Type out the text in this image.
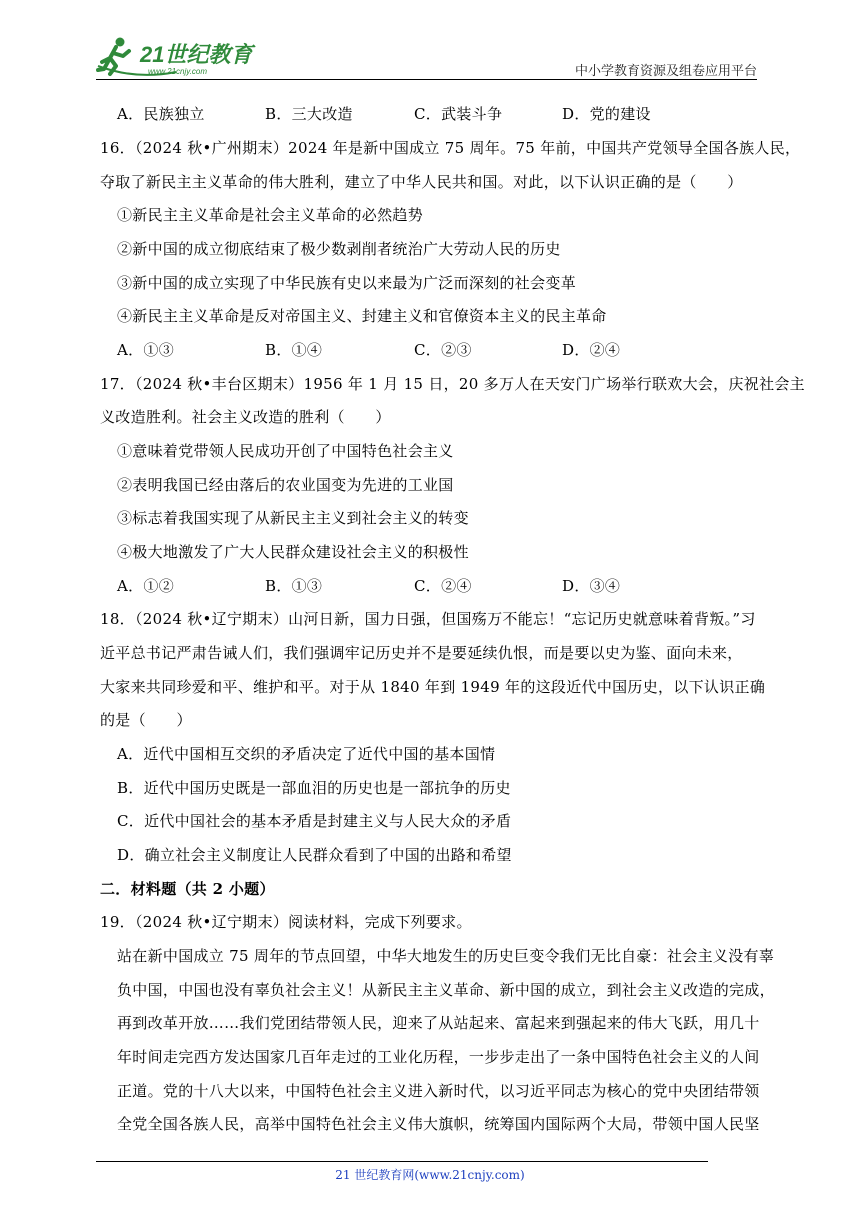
21世纪教育
www.21cnjy.com	中小学教育资源及组卷应用平台
A．民族独立	B．三大改造	C．武装斗争	D．党的建设
16．（2024 秋•广州期末）2024 年是新中国成立 75 周年。75 年前，中国共产党领导全国各族人民，
夺取了新民主主义革命的伟大胜利，建立了中华人民共和国。对此，以下认识正确的是（　　）
①新民主主义革命是社会主义革命的必然趋势
②新中国的成立彻底结束了极少数剥削者统治广大劳动人民的历史
③新中国的成立实现了中华民族有史以来最为广泛而深刻的社会变革
④新民主主义革命是反对帝国主义、封建主义和官僚资本主义的民主革命
A．①③	B．①④	C．②③	D．②④
17．（2024 秋•丰台区期末）1956 年 1 月 15 日，20 多万人在天安门广场举行联欢大会，庆祝社会主
义改造胜利。社会主义改造的胜利（　　）
①意味着党带领人民成功开创了中国特色社会主义
②表明我国已经由落后的农业国变为先进的工业国
③标志着我国实现了从新民主主义到社会主义的转变
④极大地激发了广大人民群众建设社会主义的积极性
A．①②	B．①③	C．②④	D．③④
18．（2024 秋•辽宁期末）山河日新，国力日强，但国殇万不能忘！“忘记历史就意味着背叛。”习
近平总书记严肃告诫人们，我们强调牢记历史并不是要延续仇恨，而是要以史为鉴、面向未来，
大家来共同珍爱和平、维护和平。对于从 1840 年到 1949 年的这段近代中国历史，以下认识正确
的是（　　）
A．近代中国相互交织的矛盾决定了近代中国的基本国情
B．近代中国历史既是一部血泪的历史也是一部抗争的历史
C．近代中国社会的基本矛盾是封建主义与人民大众的矛盾
D．确立社会主义制度让人民群众看到了中国的出路和希望
二．材料题（共 2 小题）
19．（2024 秋•辽宁期末）阅读材料，完成下列要求。
站在新中国成立 75 周年的节点回望，中华大地发生的历史巨变令我们无比自豪：社会主义没有辜
负中国，中国也没有辜负社会主义！从新民主主义革命、新中国的成立，到社会主义改造的完成，
再到改革开放……我们党团结带领人民，迎来了从站起来、富起来到强起来的伟大飞跃，用几十
年时间走完西方发达国家几百年走过的工业化历程，一步步走出了一条中国特色社会主义的人间
正道。党的十八大以来，中国特色社会主义进入新时代，以习近平同志为核心的党中央团结带领
全党全国各族人民，高举中国特色社会主义伟大旗帜，统筹国内国际两个大局，带领中国人民坚
21 世纪教育网(www.21cnjy.com)
